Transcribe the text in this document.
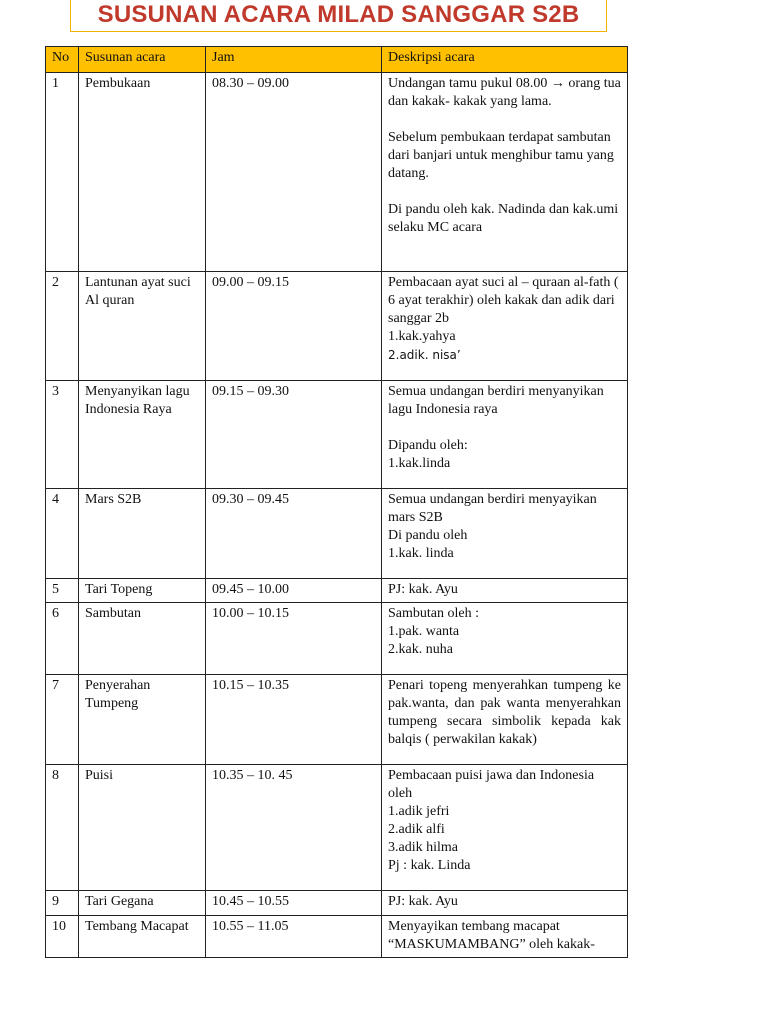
SUSUNAN ACARA MILAD SANGGAR S2B
No	Susunan acara	Jam	Deskripsi acara
1	Pembukaan	08.30 – 09.00	Undangan tamu pukul 08.00 → orang tua dan kakak- kakak yang lama.
Sebelum pembukaan terdapat sambutan dari banjari untuk menghibur tamu yang datang.
Di pandu oleh kak. Nadinda dan kak.umi selaku MC acara

2	Lantunan ayat suci Al quran	09.00 – 09.15	Pembacaan ayat suci al – quraan al-fath ( 6 ayat terakhir) oleh kakak dan adik dari sanggar 2b
1.kak.yahya
2.adik. nisa’

3	Menyanyikan lagu Indonesia Raya	09.15 – 09.30	Semua undangan berdiri menyanyikan lagu Indonesia raya
Dipandu oleh:
1.kak.linda

4	Mars S2B	09.30 – 09.45	Semua undangan berdiri menyayikan mars S2B
Di pandu oleh
1.kak. linda

5	Tari Topeng	09.45 – 10.00	PJ: kak. Ayu

6	Sambutan	10.00 – 10.15	Sambutan oleh :
1.pak. wanta
2.kak. nuha

7	Penyerahan Tumpeng	10.15 – 10.35	Penari topeng menyerahkan tumpeng ke pak.wanta, dan pak wanta menyerahkan tumpeng secara simbolik kepada kak balqis ( perwakilan kakak)

8	Puisi	10.35 – 10. 45	Pembacaan puisi jawa dan Indonesia oleh
1.adik jefri
2.adik alfi
3.adik hilma
Pj : kak. Linda

9	Tari Gegana	10.45 – 10.55	PJ: kak. Ayu

10	Tembang Macapat	10.55 – 11.05	Menyayikan tembang macapat
“MASKUMAMBANG” oleh kakak-
